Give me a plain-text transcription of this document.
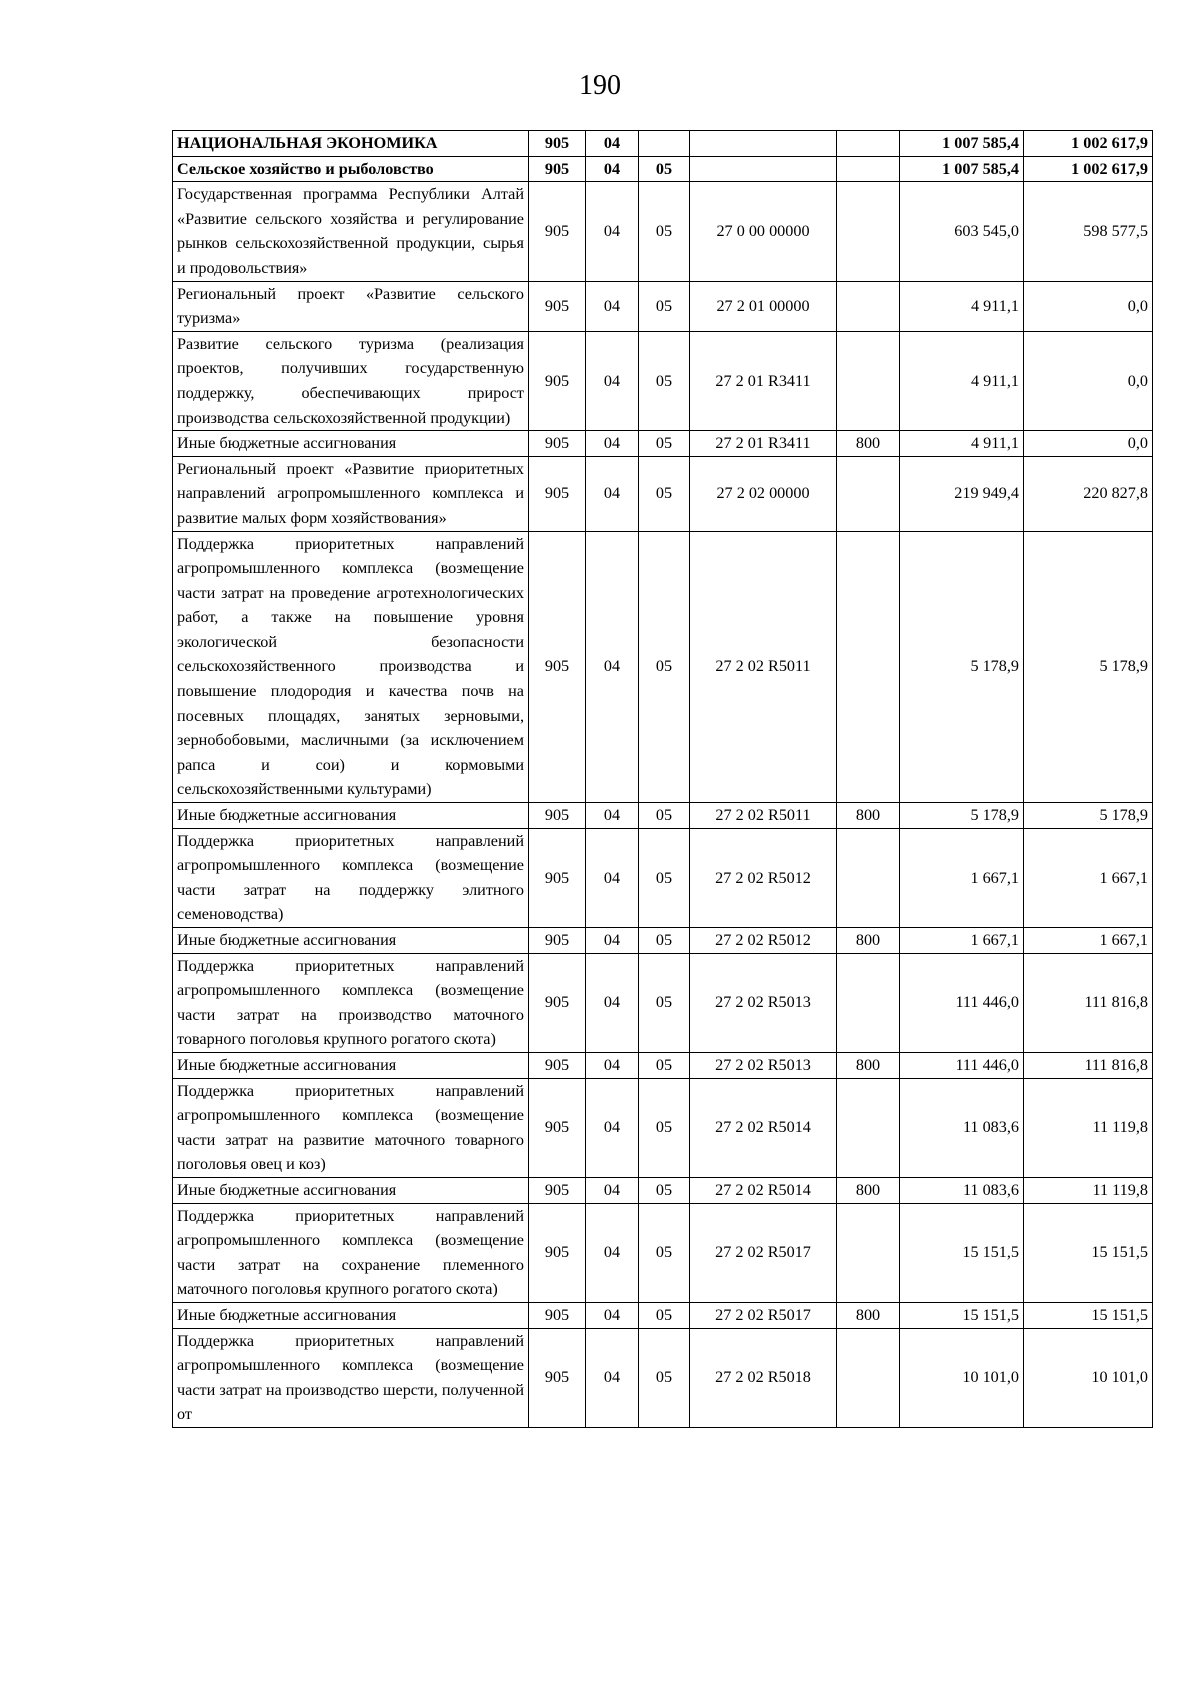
190
НАЦИОНАЛЬНАЯ ЭКОНОМИКА	905	04				1 007 585,4	1 002 617,9
Сельское хозяйство и рыболовство	905	04	05			1 007 585,4	1 002 617,9
Государственная программа Республики Алтай «Развитие сельского хозяйства и регулирование рынков сельскохозяйственной продукции, сырья и продовольствия»	905	04	05	27 0 00 00000		603 545,0	598 577,5
Региональный проект «Развитие сельского туризма»	905	04	05	27 2 01 00000		4 911,1	0,0
Развитие сельского туризма (реализация проектов, получивших государственную поддержку, обеспечивающих прирост производства сельскохозяйственной продукции)	905	04	05	27 2 01 R3411		4 911,1	0,0
Иные бюджетные ассигнования	905	04	05	27 2 01 R3411	800	4 911,1	0,0
Региональный проект «Развитие приоритетных направлений агропромышленного комплекса и развитие малых форм хозяйствования»	905	04	05	27 2 02 00000		219 949,4	220 827,8
Поддержка приоритетных направлений агропромышленного комплекса (возмещение части затрат на проведение агротехнологических работ, а также на повышение уровня экологической безопасности сельскохозяйственного производства и повышение плодородия и качества почв на посевных площадях, занятых зерновыми, зернобобовыми, масличными (за исключением рапса и сои) и кормовыми сельскохозяйственными культурами)	905	04	05	27 2 02 R5011		5 178,9	5 178,9
Иные бюджетные ассигнования	905	04	05	27 2 02 R5011	800	5 178,9	5 178,9
Поддержка приоритетных направлений агропромышленного комплекса (возмещение части затрат на поддержку элитного семеноводства)	905	04	05	27 2 02 R5012		1 667,1	1 667,1
Иные бюджетные ассигнования	905	04	05	27 2 02 R5012	800	1 667,1	1 667,1
Поддержка приоритетных направлений агропромышленного комплекса (возмещение части затрат на производство маточного товарного поголовья крупного рогатого скота)	905	04	05	27 2 02 R5013		111 446,0	111 816,8
Иные бюджетные ассигнования	905	04	05	27 2 02 R5013	800	111 446,0	111 816,8
Поддержка приоритетных направлений агропромышленного комплекса (возмещение части затрат на развитие маточного товарного поголовья овец и коз)	905	04	05	27 2 02 R5014		11 083,6	11 119,8
Иные бюджетные ассигнования	905	04	05	27 2 02 R5014	800	11 083,6	11 119,8
Поддержка приоритетных направлений агропромышленного комплекса (возмещение части затрат на сохранение племенного маточного поголовья крупного рогатого скота)	905	04	05	27 2 02 R5017		15 151,5	15 151,5
Иные бюджетные ассигнования	905	04	05	27 2 02 R5017	800	15 151,5	15 151,5
Поддержка приоритетных направлений агропромышленного комплекса (возмещение части затрат на производство шерсти, полученной от	905	04	05	27 2 02 R5018		10 101,0	10 101,0
